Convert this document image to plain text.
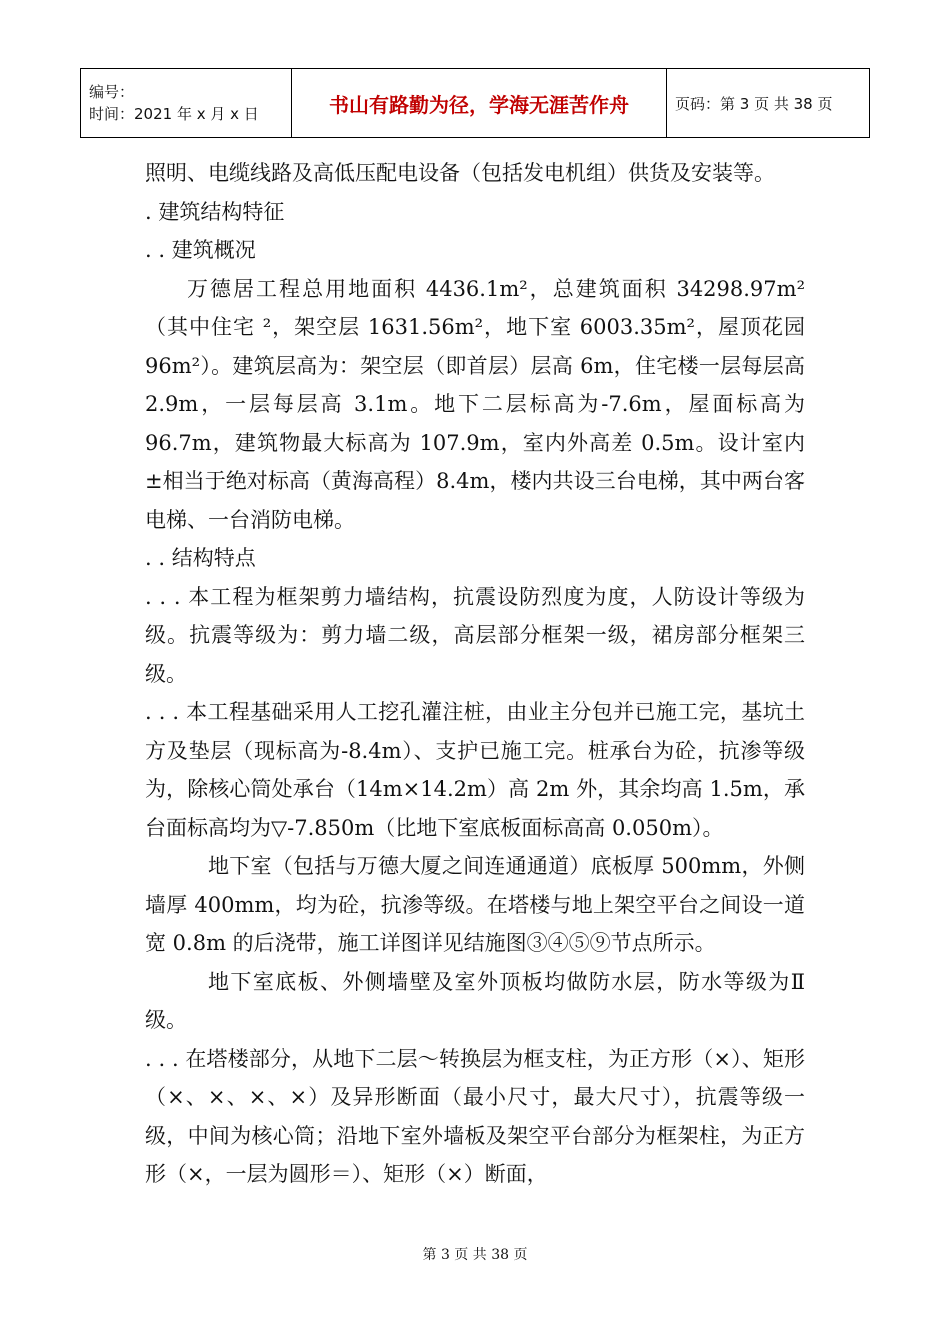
编号：
时间：2021 年 x 月 x 日	书山有路勤为径，学海无涯苦作舟	页码：第 3 页 共 38 页

照明、电缆线路及高低压配电设备（包括发电机组）供货及安装等。

. 建筑结构特征

. . 建筑概况

万德居工程总用地面积 4436.1m²，总建筑面积 34298.97m²（其中住宅 ²，架空层 1631.56m²，地下室 6003.35m²，屋顶花园 96m²）。建筑层高为：架空层（即首层）层高 6m，住宅楼一层每层高 2.9m，一层每层高 3.1m。地下二层标高为-7.6m，屋面标高为 96.7m，建筑物最大标高为 107.9m，室内外高差 0.5m。设计室内±相当于绝对标高（黄海高程）8.4m，楼内共设三台电梯，其中两台客电梯、一台消防电梯。

. . 结构特点

. . . 本工程为框架剪力墙结构，抗震设防烈度为度，人防设计等级为级。抗震等级为：剪力墙二级，高层部分框架一级，裙房部分框架三级。

. . . 本工程基础采用人工挖孔灌注桩，由业主分包并已施工完，基坑土方及垫层（现标高为-8.4m）、支护已施工完。桩承台为砼，抗渗等级为，除核心筒处承台（14m×14.2m）高 2m 外，其余均高 1.5m，承台面标高均为▽-7.850m（比地下室底板面标高高 0.050m）。

地下室（包括与万德大厦之间连通通道）底板厚 500mm，外侧墙厚 400mm，均为砼，抗渗等级。在塔楼与地上架空平台之间设一道宽 0.8m 的后浇带，施工详图详见结施图③④⑤⑨节点所示。

地下室底板、外侧墙壁及室外顶板均做防水层，防水等级为Ⅱ级。

. . . 在塔楼部分，从地下二层～转换层为框支柱，为正方形（×）、矩形（×、×、×、×）及异形断面（最小尺寸，最大尺寸），抗震等级一级，中间为核心筒；沿地下室外墙板及架空平台部分为框架柱，为正方形（×，一层为圆形＝）、矩形（×）断面，

第 3 页 共 38 页
